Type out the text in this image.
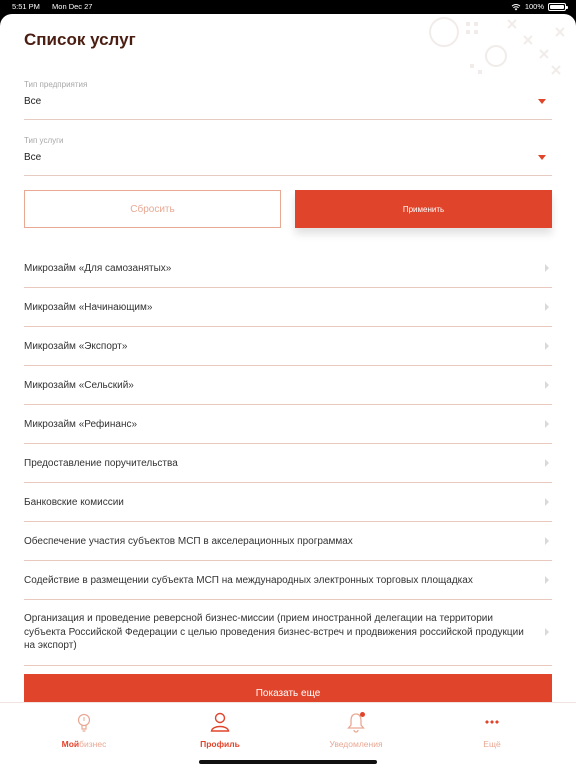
5:51 PM Mon Dec 27	100%
Список услуг
Тип предприятия
Все
Тип услуги
Все
Сбросить	Применить
Микрозайм «Для самозанятых»
Микрозайм «Начинающим»
Микрозайм «Экспорт»
Микрозайм «Сельский»
Микрозайм «Рефинанс»
Предоставление поручительства
Банковские комиссии
Обеспечение участия субъектов МСП в акселерационных программах
Содействие в размещении субъекта МСП на международных электронных торговых площадках
Организация и проведение реверсной бизнес-миссии (прием иностранной делегации на территории субъекта Российской Федерации с целью проведения бизнес-встреч и продвижения российской продукции на экспорт)
Показать еще
Мойбизнес	Профиль	Уведомления	Ещё
